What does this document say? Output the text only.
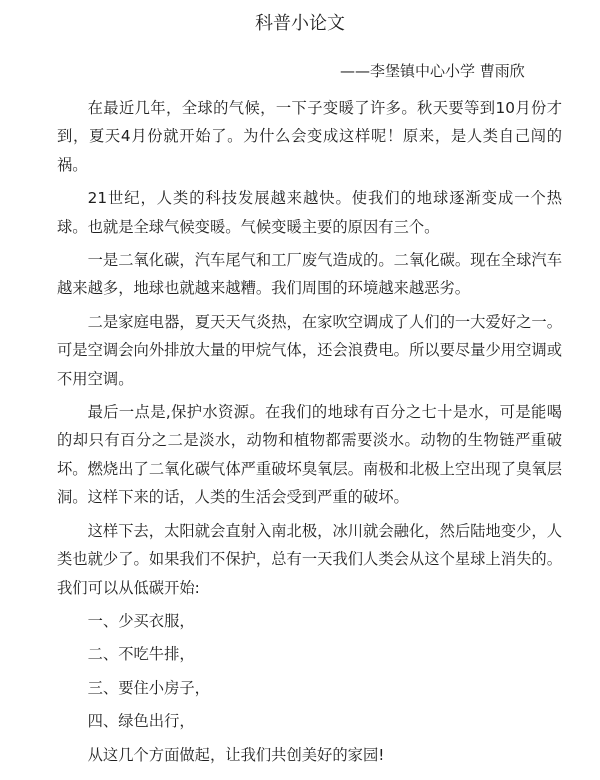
科普小论文
——李堡镇中心小学 曹雨欣

在最近几年，全球的气候，一下子变暖了许多。秋天要等到10月份才到，夏天4月份就开始了。为什么会变成这样呢！原来，是人类自己闯的祸。

21世纪，人类的科技发展越来越快。使我们的地球逐渐变成一个热球。也就是全球气候变暖。气候变暖主要的原因有三个。

一是二氧化碳，汽车尾气和工厂废气造成的。二氧化碳。现在全球汽车越来越多，地球也就越来越糟。我们周围的环境越来越恶劣。

二是家庭电器，夏天天气炎热，在家吹空调成了人们的一大爱好之一。可是空调会向外排放大量的甲烷气体，还会浪费电。所以要尽量少用空调或不用空调。

最后一点是,保护水资源。在我们的地球有百分之七十是水，可是能喝的却只有百分之二是淡水，动物和植物都需要淡水。动物的生物链严重破坏。燃烧出了二氧化碳气体严重破坏臭氧层。南极和北极上空出现了臭氧层洞。这样下来的话，人类的生活会受到严重的破坏。

这样下去，太阳就会直射入南北极，冰川就会融化，然后陆地变少，人类也就少了。如果我们不保护，总有一天我们人类会从这个星球上消失的。我们可以从低碳开始:

一、少买衣服，

二、不吃牛排，

三、要住小房子，

四、绿色出行，

从这几个方面做起，让我们共创美好的家园!
